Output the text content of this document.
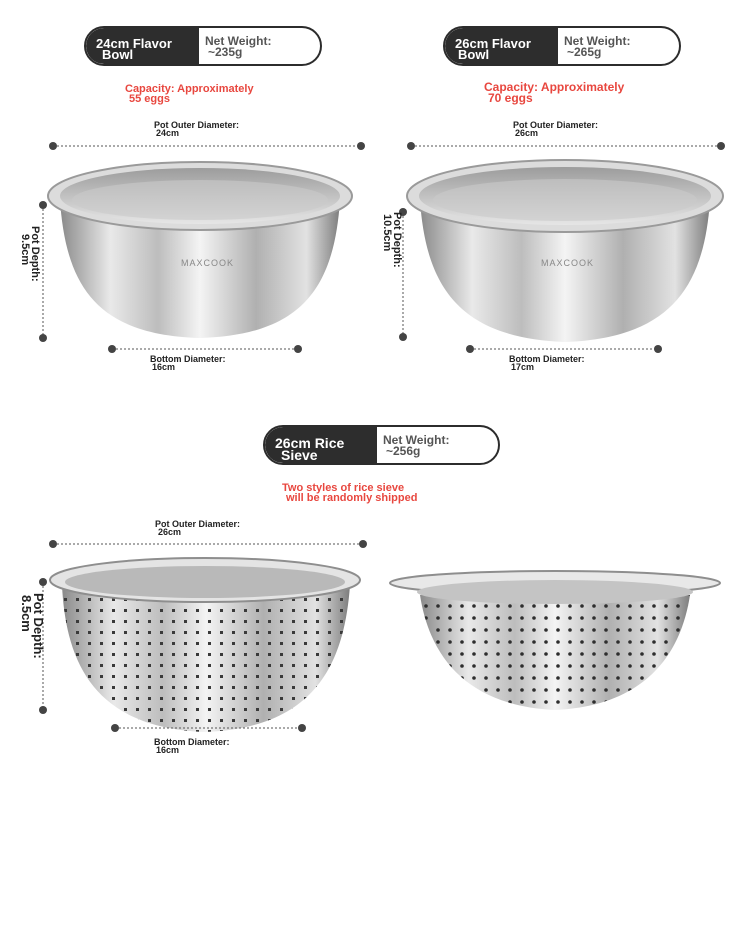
MAXCOOK	MAXCOOK
24cm Flavor
Bowl
Net Weight:
~235g
26cm Flavor
Bowl
Net Weight:
~265g
26cm Rice
Sieve
Net Weight:
~256g
Capacity: Approximately
55 eggs
Capacity: Approximately
70 eggs
Two styles of rice sieve
will be randomly shipped
Pot Outer Diameter:
24cm
Bottom Diameter:
16cm
Pot Depth:
9.5cm
Pot Outer Diameter:
26cm
Bottom Diameter:
17cm
Pot Depth:
10.5cm
Pot Outer Diameter:
26cm
Bottom Diameter:
16cm
Pot Depth:
8.5cm
